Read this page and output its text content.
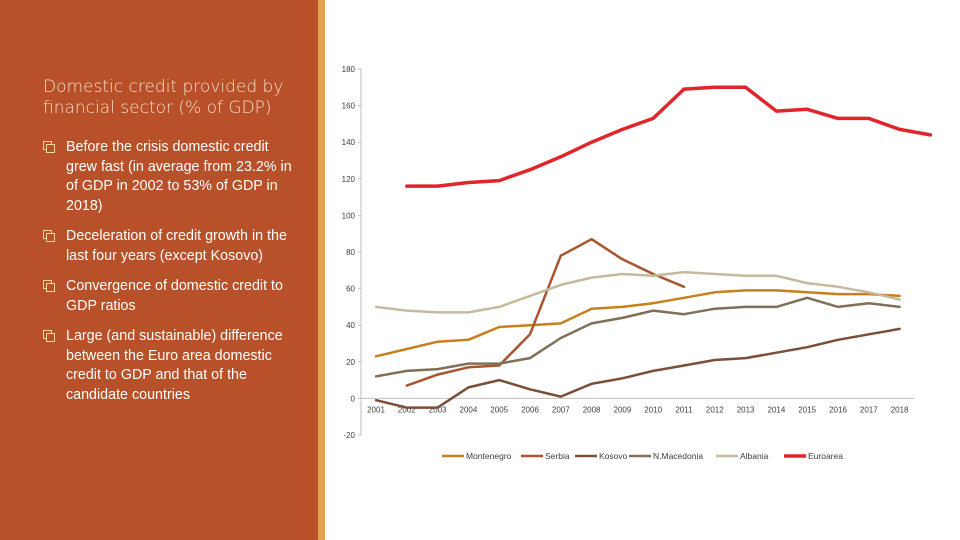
Domestic credit provided by financial sector (% of GDP)
Before the crisis domestic credit grew fast (in average from 23.2% in of GDP in 2002 to 53% of GDP in 2018)
Deceleration of credit growth in the last four years (except Kosovo)
Convergence of domestic credit to GDP ratios
Large (and sustainable) difference between the Euro area domestic credit to GDP and that of the candidate countries
-20
0
20
40
60
80
100
120
140
160
180
2001 2002 2003 2004 2005 2006 2007 2008 2009 2010 2011 2012 2013 2014 2015 2016 2017 2018
Montenegro	Serbia	Kosovo	N.Macedonia	Albania	Euroarea
